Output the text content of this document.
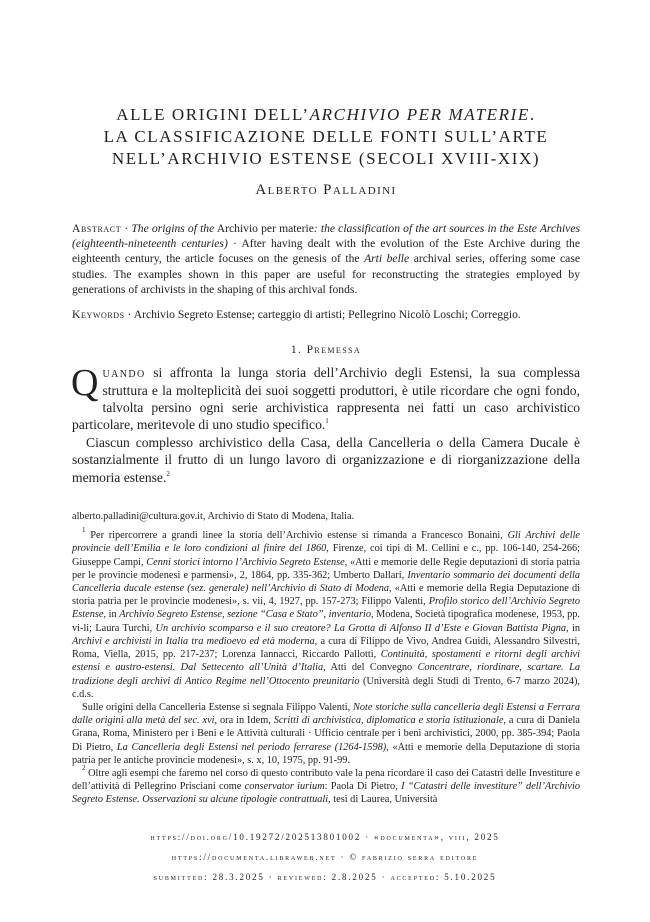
ALLE ORIGINI DELL’ARCHIVIO PER MATERIE.
LA CLASSIFICAZIONE DELLE FONTI SULL’ARTE
NELL’ARCHIVIO ESTENSE (SECOLI XVIII-XIX)
Alberto Palladini
Abstract · The origins of the Archivio per materie: the classification of the art sources in the Este Archives (eighteenth-nineteenth centuries) · After having dealt with the evolution of the Este Archive during the eighteenth century, the article focuses on the genesis of the Arti belle archival series, offering some case studies. The examples shown in this paper are useful for reconstructing the strategies employed by generations of archivists in the shaping of this archival fonds.
Keywords · Archivio Segreto Estense; carteggio di artisti; Pellegrino Nicolò Loschi; Correggio.
1. Premessa

Quando si affronta la lunga storia dell’Archivio degli Estensi, la sua complessa struttura e la molteplicità dei suoi soggetti produttori, è utile ricordare che ogni fondo, talvolta persino ogni serie archivistica rappresenta nei fatti un caso archivistico particolare, meritevole di uno studio specifico.$^1$

Ciascun complesso archivistico della Casa, della Cancelleria o della Camera Ducale è sostanzialmente il frutto di un lungo lavoro di organizzazione e di riorganizzazione della memoria estense.$^2$

alberto.palladini@cultura.gov.it, Archivio di Stato di Modena, Italia.

$^1$ Per ripercorrere a grandi linee la storia dell’Archivio estense si rimanda a Francesco Bonaini, Gli Archivi delle provincie dell’Emilia e le loro condizioni al finire del 1860, Firenze, coi tipi di M. Cellini e c., pp. 106-140, 254-266; Giuseppe Campi, Cenni storici intorno l’Archivio Segreto Estense, «Atti e memorie delle Regie deputazioni di storia patria per le provincie modenesi e parmensi», 2, 1864, pp. 335-362; Umberto Dallari, Inventario sommario dei documenti della Cancelleria ducale estense (sez. generale) nell’Archivio di Stato di Modena, «Atti e memorie della Regia Deputazione di storia patria per le provincie modenesi», s. vii, 4, 1927, pp. 157-273; Filippo Valenti, Profilo storico dell’Archivio Segreto Estense, in Archivio Segreto Estense, sezione “Casa e Stato”, inventario, Modena, Società tipografica modenese, 1953, pp. vi-li; Laura Turchi, Un archivio scomparso e il suo creatore? La Grotta di Alfonso II d’Este e Giovan Battista Pigna, in Archivi e archivisti in Italia tra medioevo ed età moderna, a cura di Filippo de Vivo, Andrea Guidi, Alessandro Silvestri, Roma, Viella, 2015, pp. 217-237; Lorenza Iannacci, Riccardo Pallotti, Continuità, spostamenti e ritorni degli archivi estensi e austro-estensi. Dal Settecento all’Unità d’Italia, Atti del Convegno Concentrare, riordinare, scartare. La tradizione degli archivi di Antico Regime nell’Ottocento preunitario (Università degli Studi di Trento, 6-7 marzo 2024), c.d.s.

Sulle origini della Cancelleria Estense si segnala Filippo Valenti, Note storiche sulla cancelleria degli Estensi a Ferrara dalle origini alla metà del sec. xvi, ora in Idem, Scritti di archivistica, diplomatica e storia istituzionale, a cura di Daniela Grana, Roma, Ministero per i Beni e le Attività culturali · Ufficio centrale per i beni archivistici, 2000, pp. 385-394; Paola Di Pietro, La Cancelleria degli Estensi nel periodo ferrarese (1264-1598), «Atti e memorie della Deputazione di storia patria per le antiche provincie modenesi», s. x, 10, 1975, pp. 91-99.

$^2$ Oltre agli esempi che faremo nel corso di questo contributo vale la pena ricordare il caso dei Catastri delle Investiture e dell’attività di Pellegrino Prisciani come conservator iurium: Paola Di Pietro, I “Catastri delle investiture” dell’Archivio Segreto Estense. Osservazioni su alcune tipologie contrattuali, tesi di Laurea, Università

https://doi.org/10.19272/202513801002 · «documenta», viii, 2025
https://documenta.libraweb.net · © fabrizio serra editore
submitted: 28.3.2025 · reviewed: 2.8.2025 · accepted: 5.10.2025
